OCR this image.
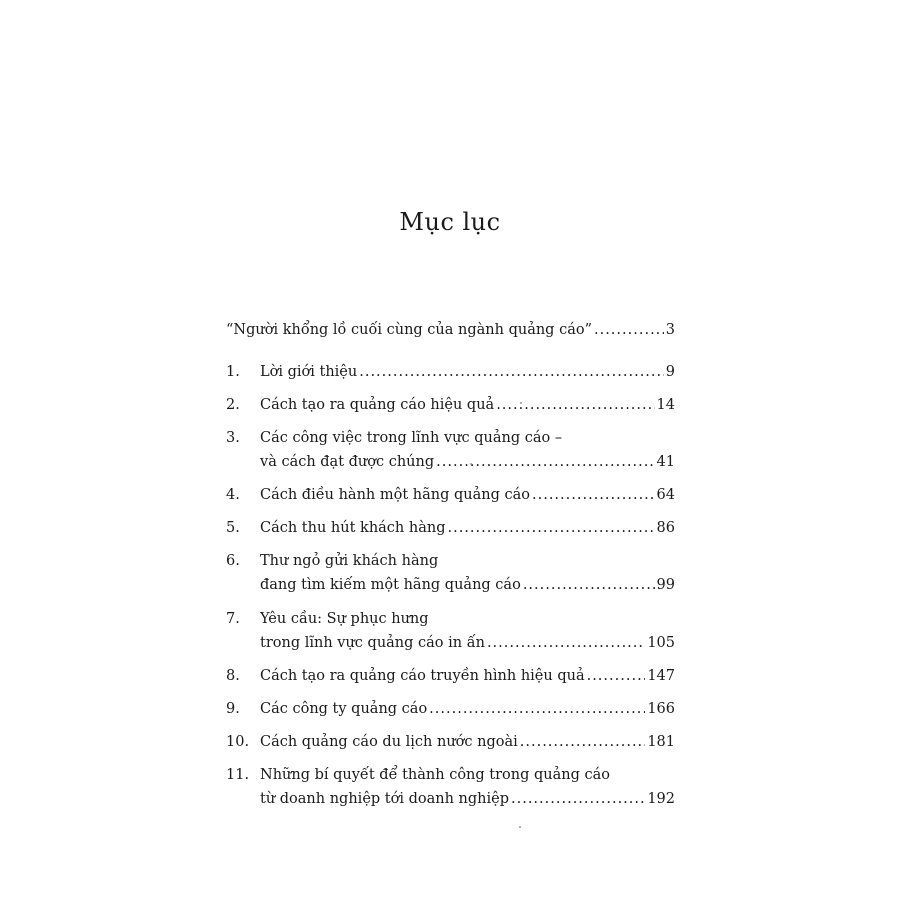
Mục lục
“Người khổng lồ cuối cùng của ngành quảng cáo” .....	3
1.	Lời giới thiệu .....	9
2.	Cách tạo ra quảng cáo hiệu quả .....	14
3.	Các công việc trong lĩnh vực quảng cáo –
và cách đạt được chúng .....	41
4.	Cách điều hành một hãng quảng cáo .....	64
5.	Cách thu hút khách hàng .....	86
6.	Thư ngỏ gửi khách hàng
đang tìm kiếm một hãng quảng cáo .....	99
7.	Yêu cầu: Sự phục hưng
trong lĩnh vực quảng cáo in ấn .....	105
8.	Cách tạo ra quảng cáo truyền hình hiệu quả .....	147
9.	Các công ty quảng cáo .....	166
10. Cách quảng cáo du lịch nước ngoài .....	181
11. Những bí quyết để thành công trong quảng cáo
từ doanh nghiệp tới doanh nghiệp .....	192
